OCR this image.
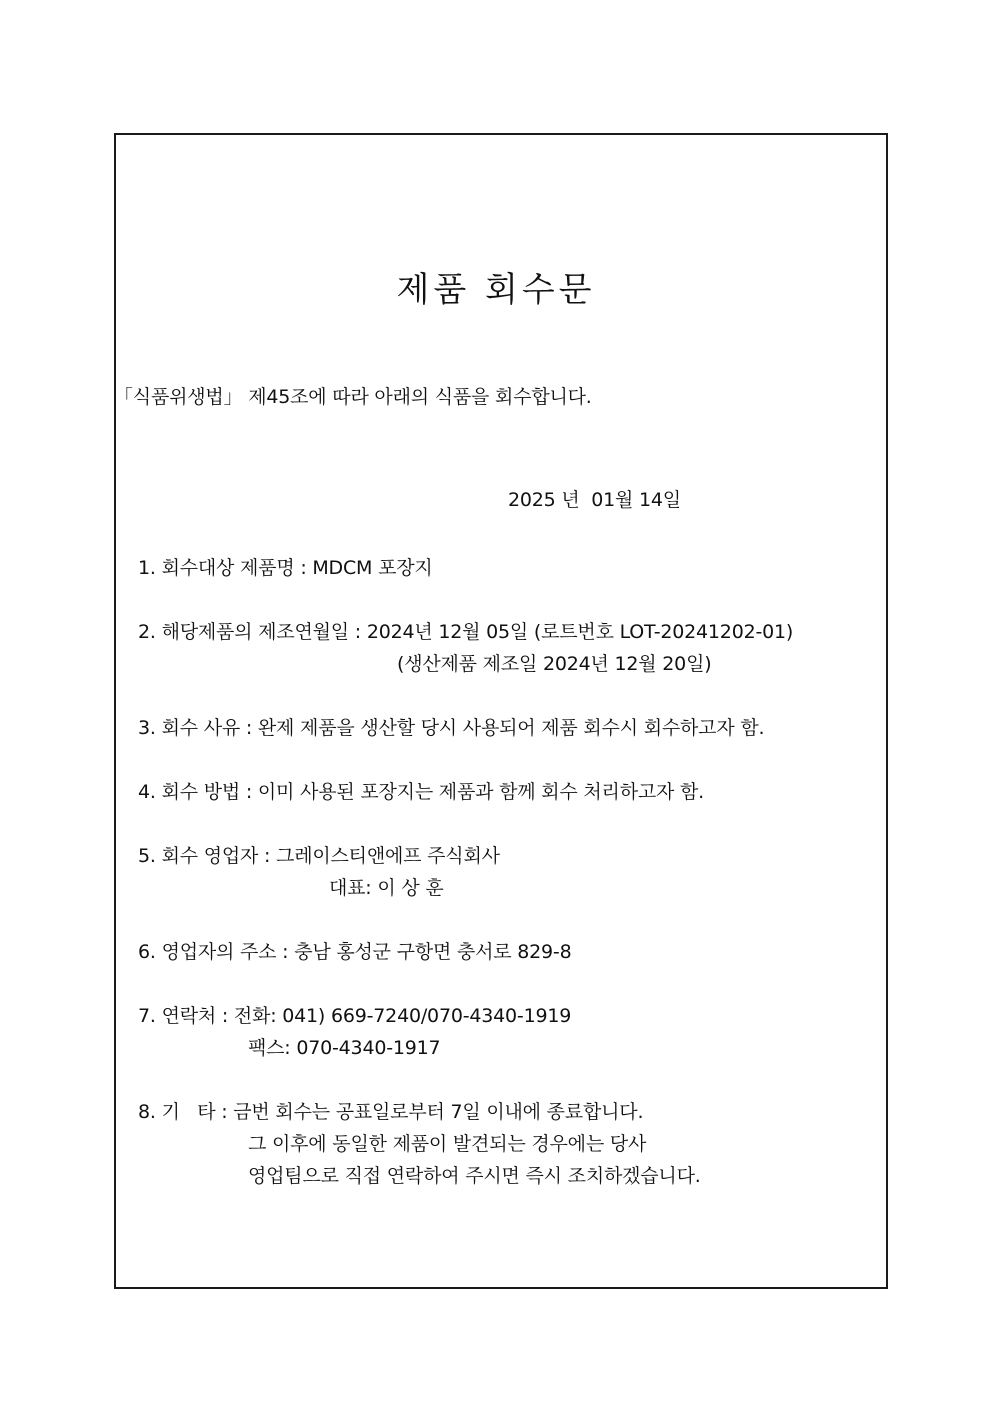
제품 회수문
「식품위생법」 제45조에 따라 아래의 식품을 회수합니다.
2025 년  01월 14일
1. 회수대상 제품명 : MDCM 포장지
2. 해당제품의 제조연월일 : 2024년 12월 05일 (로트번호 LOT-20241202-01)
(생산제품 제조일 2024년 12월 20일)
3. 회수 사유 : 완제 제품을 생산할 당시 사용되어 제품 회수시 회수하고자 함.
4. 회수 방법 : 이미 사용된 포장지는 제품과 함께 회수 처리하고자 함.
5. 회수 영업자 : 그레이스티앤에프 주식회사
대표: 이 상 훈
6. 영업자의 주소 : 충남 홍성군 구항면 충서로 829-8
7. 연락처 : 전화: 041) 669-7240/070-4340-1919
팩스: 070-4340-1917
8. 기   타 : 금번 회수는 공표일로부터 7일 이내에 종료합니다.
그 이후에 동일한 제품이 발견되는 경우에는 당사
영업팀으로 직접 연락하여 주시면 즉시 조치하겠습니다.
